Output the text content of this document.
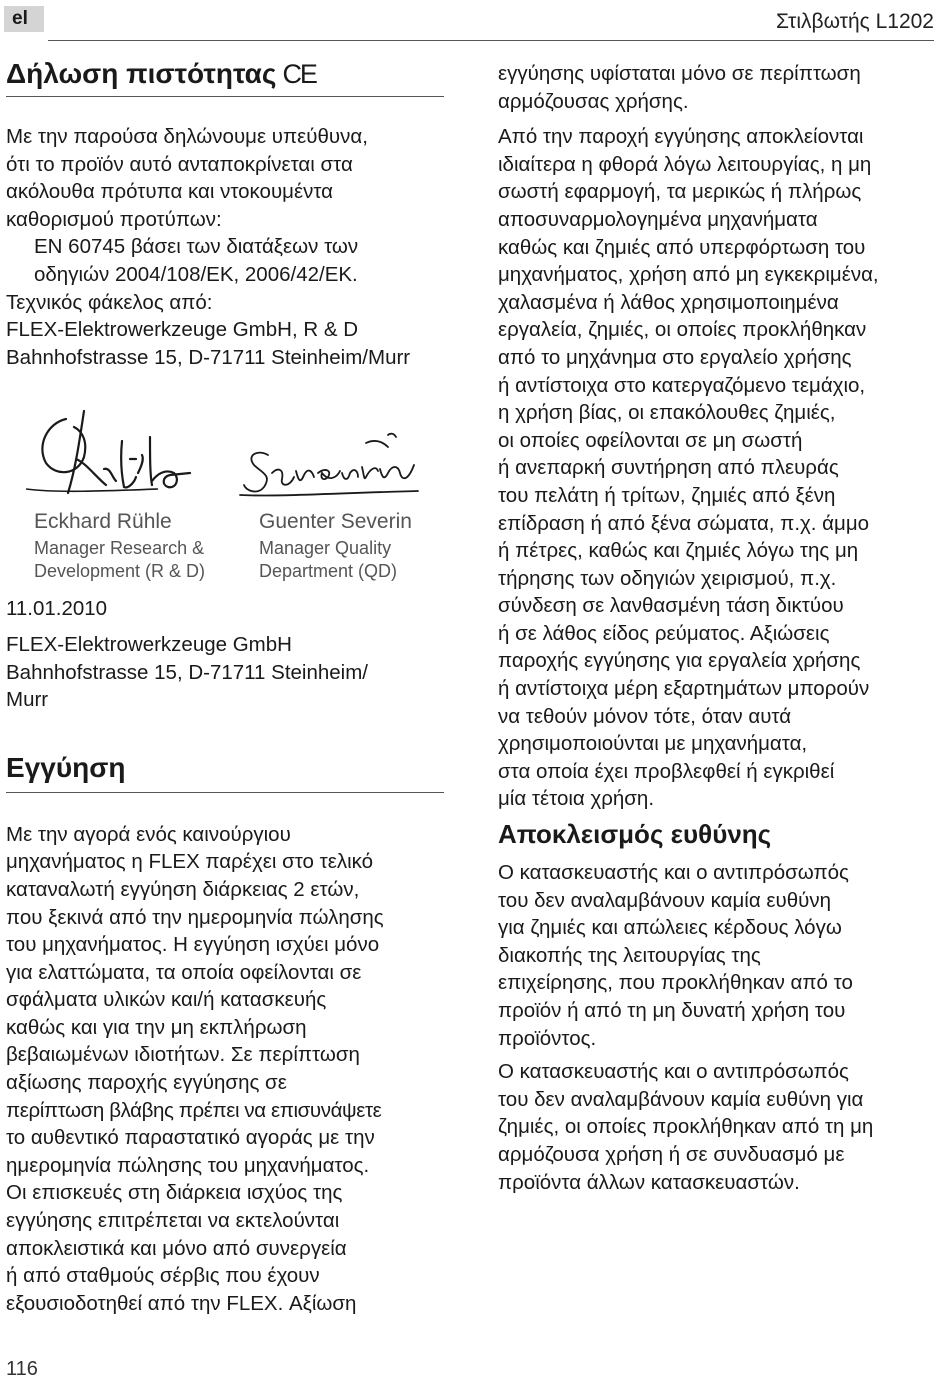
el	Στιλβωτής L1202
Δήλωση πιστότητας CE

Με την παρούσα δηλώνουμε υπεύθυνα,

ότι το προϊόν αυτό ανταποκρίνεται στα

ακόλουθα πρότυπα και ντοκουμέντα

καθορισμού προτύπων:

EN 60745 βάσει των διατάξεων των

οδηγιών 2004/108/ΕΚ, 2006/42/ΕΚ.

Τεχνικός φάκελος από:

FLEX-Elektrowerkzeuge GmbH, R & D

Bahnhofstrasse 15, D-71711 Steinheim/Murr

Eckhard Rühle
Manager Research &
Development (R & D)
Guenter Severin
Manager Quality
Department (QD)

11.01.2010

FLEX-Elektrowerkzeuge GmbH

Bahnhofstrasse 15, D-71711 Steinheim/

Murr

Εγγύηση

Με την αγορά ενός καινούργιου

μηχανήματος η FLEX παρέχει στο τελικό

καταναλωτή εγγύηση διάρκειας 2 ετών,

που ξεκινά από την ημερομηνία πώλησης

του μηχανήματος. Η εγγύηση ισχύει μόνο

για ελαττώματα, τα οποία οφείλονται σε

σφάλματα υλικών και/ή κατασκευής

καθώς και για την μη εκπλήρωση

βεβαιωμένων ιδιοτήτων. Σε περίπτωση

αξίωσης παροχής εγγύησης σε

περίπτωση βλάβης πρέπει να επισυνάψετε

το αυθεντικό παραστατικό αγοράς με την

ημερομηνία πώλησης του μηχανήματος.

Οι επισκευές στη διάρκεια ισχύος της

εγγύησης επιτρέπεται να εκτελούνται

αποκλειστικά και μόνο από συνεργεία

ή από σταθμούς σέρβις που έχουν

εξουσιοδοτηθεί από την FLEX. Αξίωση

εγγύησης υφίσταται μόνο σε περίπτωση

αρμόζουσας χρήσης.

Από την παροχή εγγύησης αποκλείονται

ιδιαίτερα η φθορά λόγω λειτουργίας, η μη

σωστή εφαρμογή, τα μερικώς ή πλήρως

αποσυναρμολογημένα μηχανήματα

καθώς και ζημιές από υπερφόρτωση του

μηχανήματος, χρήση από μη εγκεκριμένα,

χαλασμένα ή λάθος χρησιμοποιημένα

εργαλεία, ζημιές, οι οποίες προκλήθηκαν

από το μηχάνημα στο εργαλείο χρήσης

ή αντίστοιχα στο κατεργαζόμενο τεμάχιο,

η χρήση βίας, οι επακόλουθες ζημιές,

οι οποίες οφείλονται σε μη σωστή

ή ανεπαρκή συντήρηση από πλευράς

του πελάτη ή τρίτων, ζημιές από ξένη

επίδραση ή από ξένα σώματα, π.χ. άμμο

ή πέτρες, καθώς και ζημιές λόγω της μη

τήρησης των οδηγιών χειρισμού, π.χ.

σύνδεση σε λανθασμένη τάση δικτύου

ή σε λάθος είδος ρεύματος. Αξιώσεις

παροχής εγγύησης για εργαλεία χρήσης

ή αντίστοιχα μέρη εξαρτημάτων μπορούν

να τεθούν μόνον τότε, όταν αυτά

χρησιμοποιούνται με μηχανήματα,

στα οποία έχει προβλεφθεί ή εγκριθεί

μία τέτοια χρήση.

Αποκλεισμός ευθύνης

Ο κατασκευαστής και ο αντιπρόσωπός

του δεν αναλαμβάνουν καμία ευθύνη

για ζημιές και απώλειες κέρδους λόγω

διακοπής της λειτουργίας της

επιχείρησης, που προκλήθηκαν από το

προϊόν ή από τη μη δυνατή χρήση του

προϊόντος.

Ο κατασκευαστής και ο αντιπρόσωπός

του δεν αναλαμβάνουν καμία ευθύνη για

ζημιές, οι οποίες προκλήθηκαν από τη μη

αρμόζουσα χρήση ή σε συνδυασμό με

προϊόντα άλλων κατασκευαστών.

116
